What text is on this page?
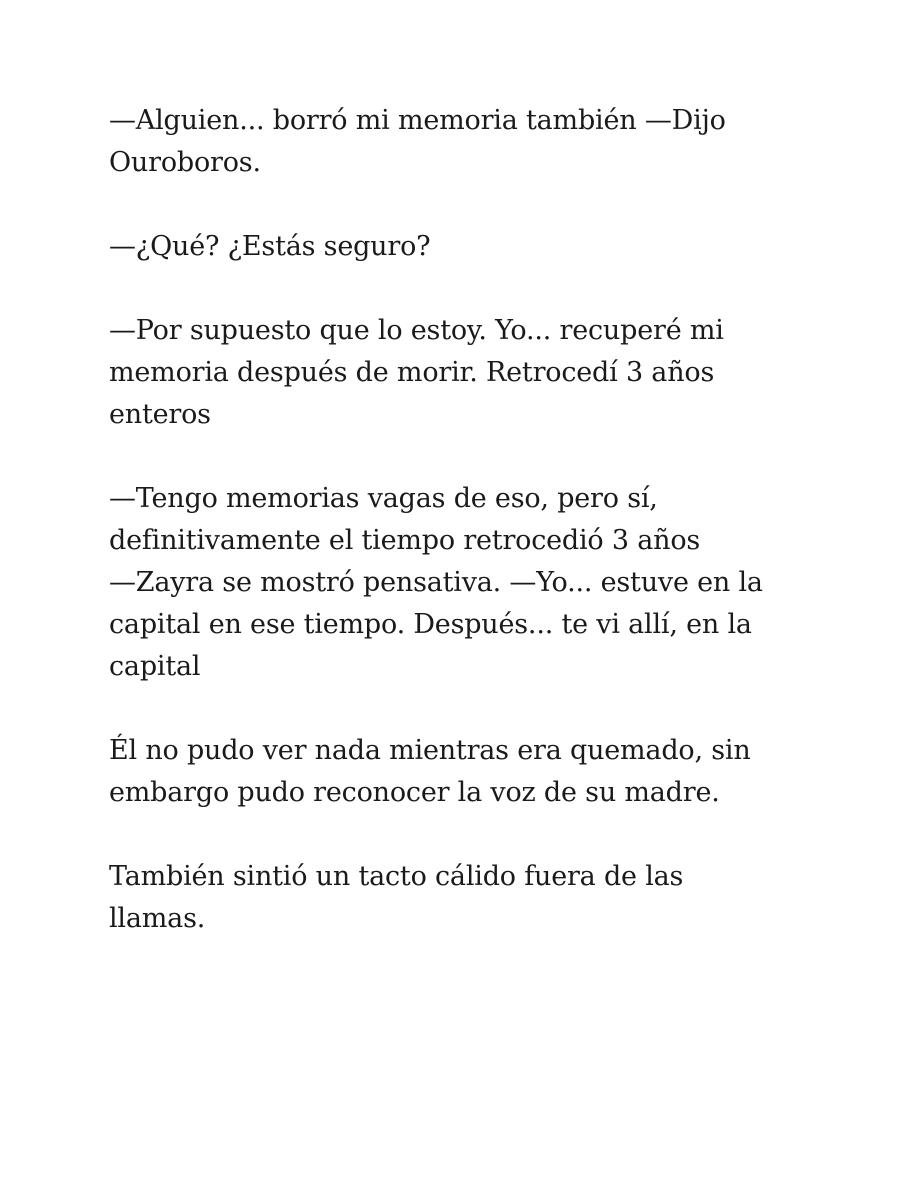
—Alguien... borró mi memoria también —Dijo
Ouroboros.

—¿Qué? ¿Estás seguro?

—Por supuesto que lo estoy. Yo... recuperé mi
memoria después de morir. Retrocedí 3 años
enteros

—Tengo memorias vagas de eso, pero sí,
definitivamente el tiempo retrocedió 3 años
—Zayra se mostró pensativa. —Yo... estuve en la
capital en ese tiempo. Después... te vi allí, en la
capital

Él no pudo ver nada mientras era quemado, sin
embargo pudo reconocer la voz de su madre.

También sintió un tacto cálido fuera de las
llamas.
